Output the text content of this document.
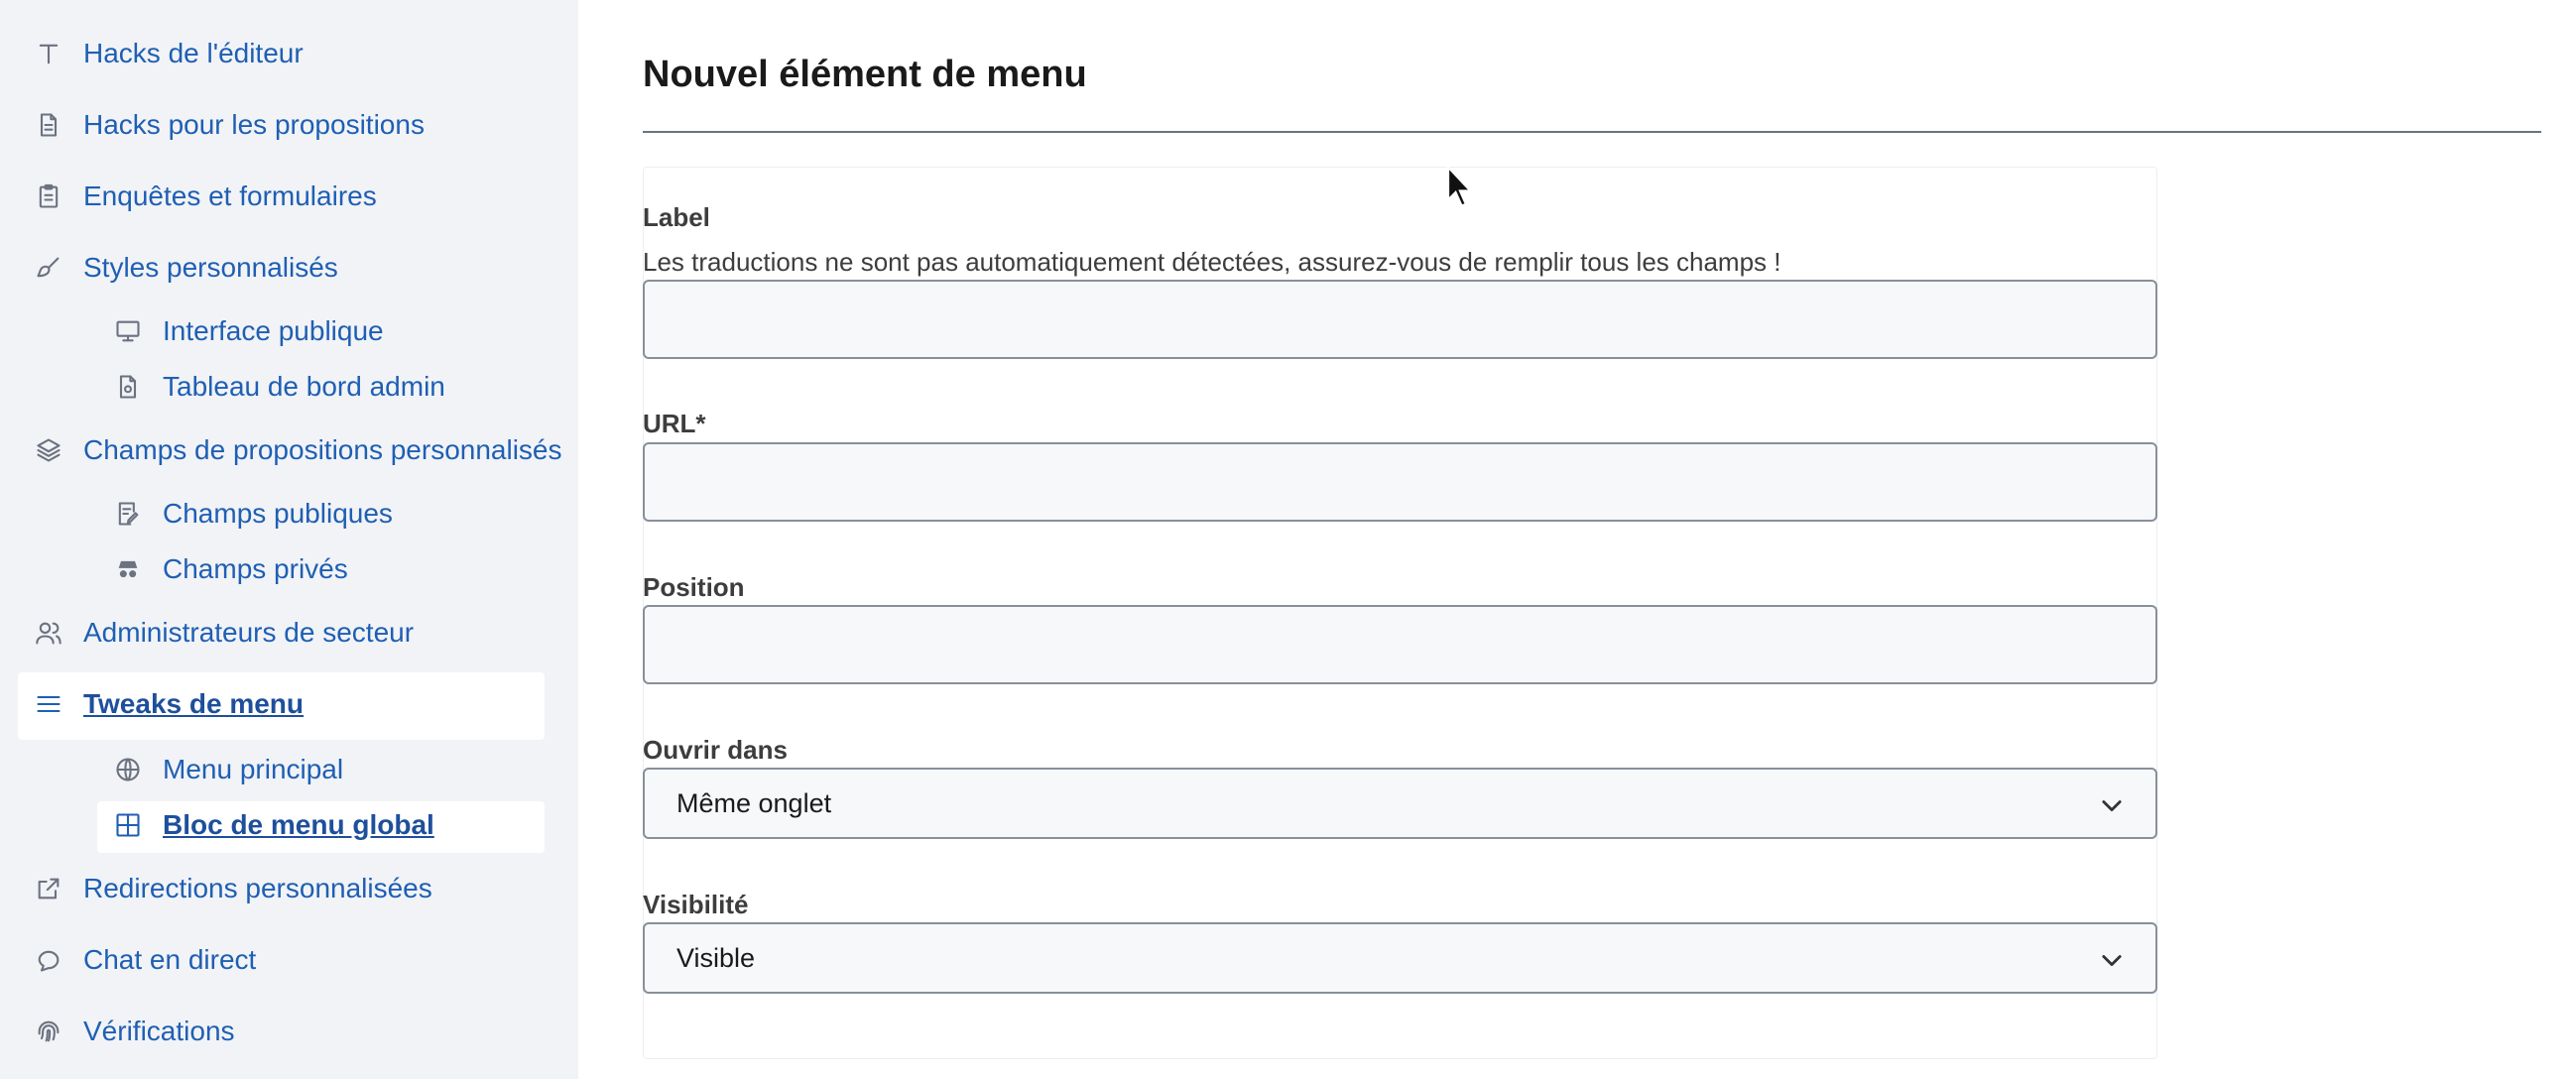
Hacks de l'éditeur
Hacks pour les propositions
Enquêtes et formulaires
Styles personnalisés
Interface publique
Tableau de bord admin
Champs de propositions personnalisés
Champs publiques
Champs privés
Administrateurs de secteur
Tweaks de menu
Menu principal
Bloc de menu global
Redirections personnalisées
Chat en direct
Vérifications
Nouvel élément de menu
Label
Les traductions ne sont pas automatiquement détectées, assurez-vous de remplir tous les champs !
URL*
Position
Ouvrir dans
Même onglet
Visibilité
Visible
